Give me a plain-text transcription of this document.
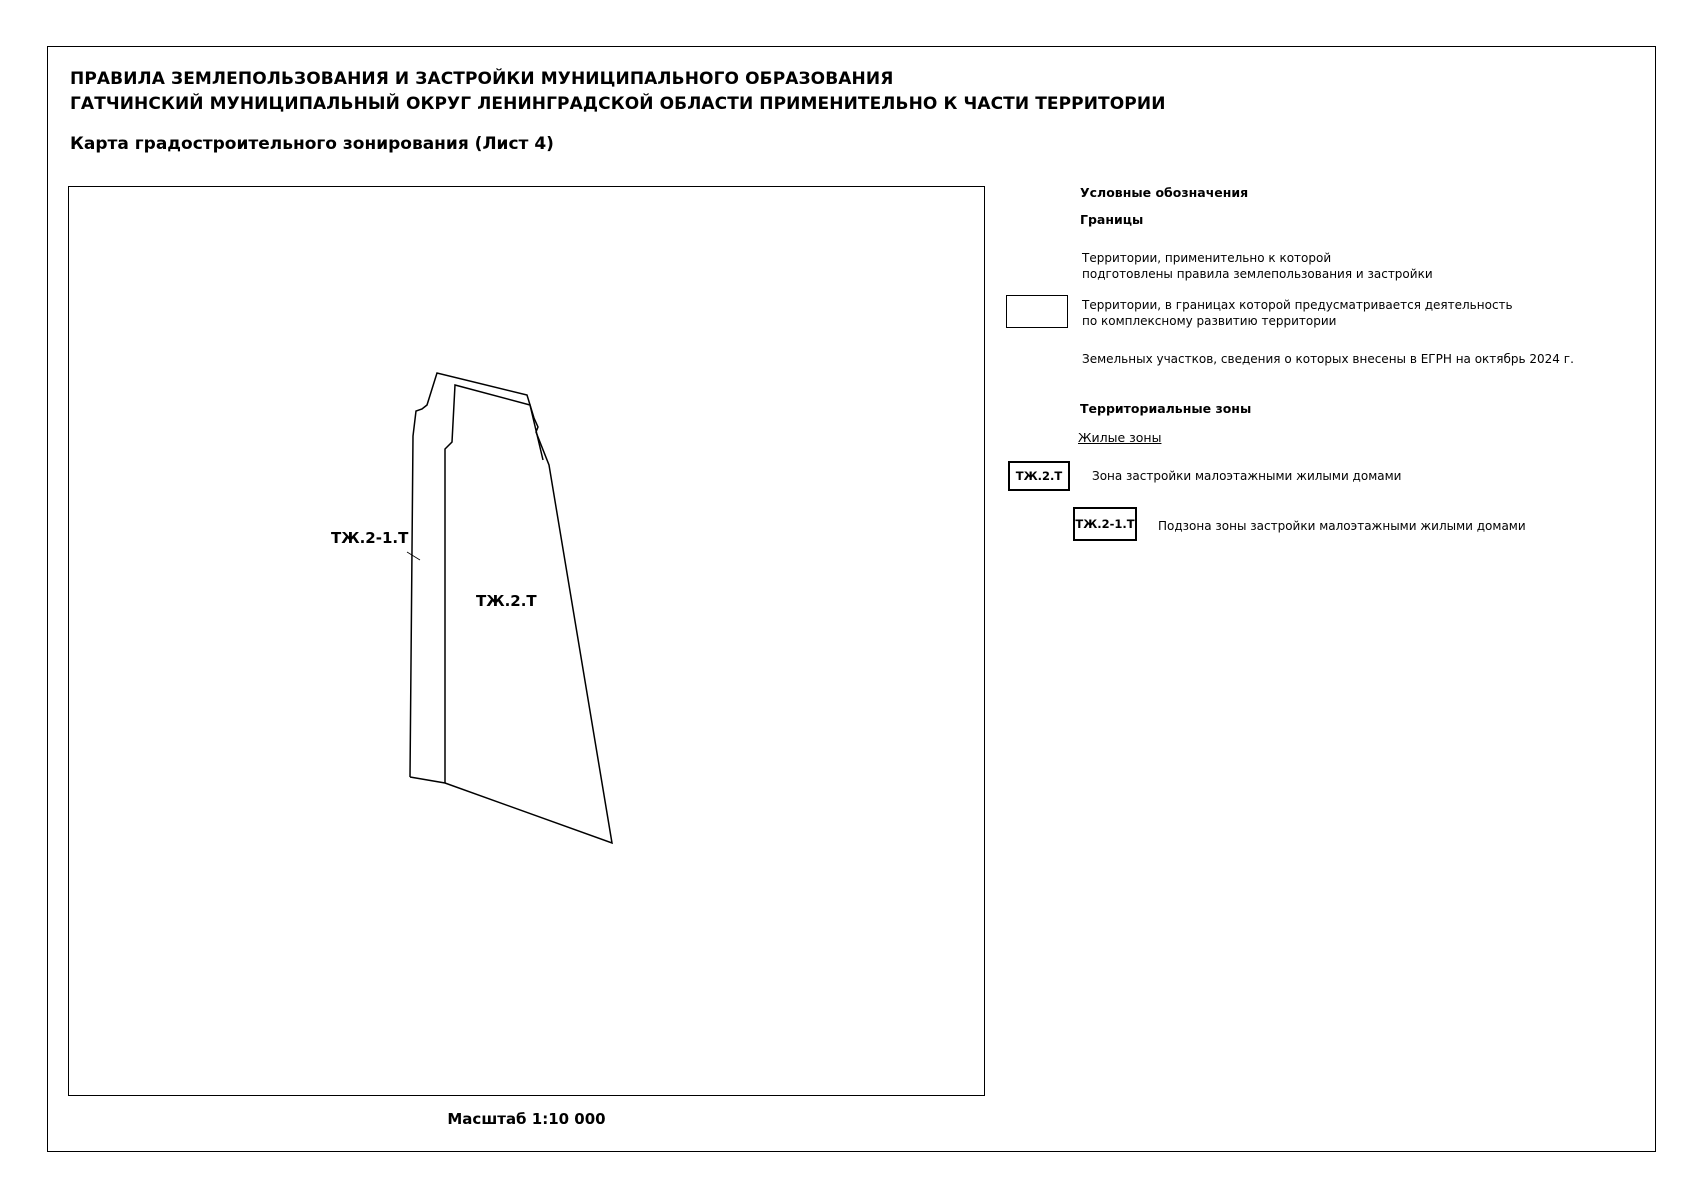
ПРАВИЛА ЗЕМЛЕПОЛЬЗОВАНИЯ И ЗАСТРОЙКИ МУНИЦИПАЛЬНОГО ОБРАЗОВАНИЯ
ГАТЧИНСКИЙ МУНИЦИПАЛЬНЫЙ ОКРУГ ЛЕНИНГРАДСКОЙ ОБЛАСТИ ПРИМЕНИТЕЛЬНО К ЧАСТИ ТЕРРИТОРИИ
Карта градостроительного зонирования (Лист 4)
ТЖ.2-1.Т
ТЖ.2.Т
Масштаб 1:10 000
Условные обозначения
Границы
Территории, применительно к которой
подготовлены правила землепользования и застройки
Территории, в границах которой предусматривается деятельность
по комплексному развитию территории
Земельных участков, сведения о которых внесены в ЕГРН на октябрь 2024 г.
Территориальные зоны
Жилые зоны
ТЖ.2.Т	Зона застройки малоэтажными жилыми домами
ТЖ.2-1.Т Подзона зоны застройки малоэтажными жилыми домами
